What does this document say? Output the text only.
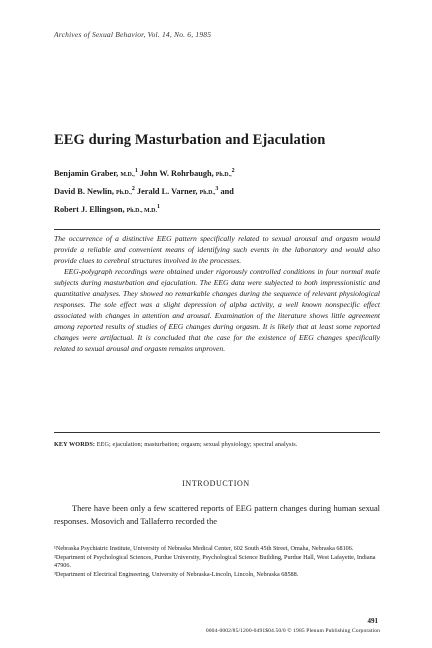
Archives of Sexual Behavior, Vol. 14, No. 6, 1985
EEG during Masturbation and Ejaculation
Benjamin Graber, M.D.,$^1$ John W. Rohrbaugh, Ph.D.,$^2$
David B. Newlin, Ph.D.,$^2$ Jerald L. Varner, Ph.D.,$^3$ and
Robert J. Ellingson, Ph.D., M.D.$^1$

The occurrence of a distinctive EEG pattern specifically related to sexual arousal and orgasm would provide a reliable and convenient means of identifying such events in the laboratory and would also provide clues to cerebral structures involved in the processes.

EEG-polygraph recordings were obtained under rigorously controlled conditions in four normal male subjects during masturbation and ejaculation. The EEG data were subjected to both impressionistic and quantitative analyses. They showed no remarkable changes during the sequence of relevant physiological responses. The sole effect was a slight depression of alpha activity, a well known nonspecific effect associated with changes in attention and arousal. Examination of the literature shows little agreement among reported results of studies of EEG changes during orgasm. It is likely that at least some reported changes were artifactual. It is concluded that the case for the existence of EEG changes specifically related to sexual arousal and orgasm remains unproven.

KEY WORDS: EEG; ejaculation; masturbation; orgasm; sexual physiology; spectral analysis.
INTRODUCTION
There have been only a few scattered reports of EEG pattern changes during human sexual responses. Mosovich and Tallaferro recorded the

¹Nebraska Psychiatric Institute, University of Nebraska Medical Center, 602 South 45th Street, Omaha, Nebraska 68106.

²Department of Psychological Sciences, Purdue University, Psychological Science Building, Purdue Hall, West Lafayette, Indiana 47906.

³Department of Electrical Engineering, University of Nebraska-Lincoln, Lincoln, Nebraska 68588.

491
0004-0002/85/1200-0491$04.50/0 © 1985 Plenum Publishing Corporation
